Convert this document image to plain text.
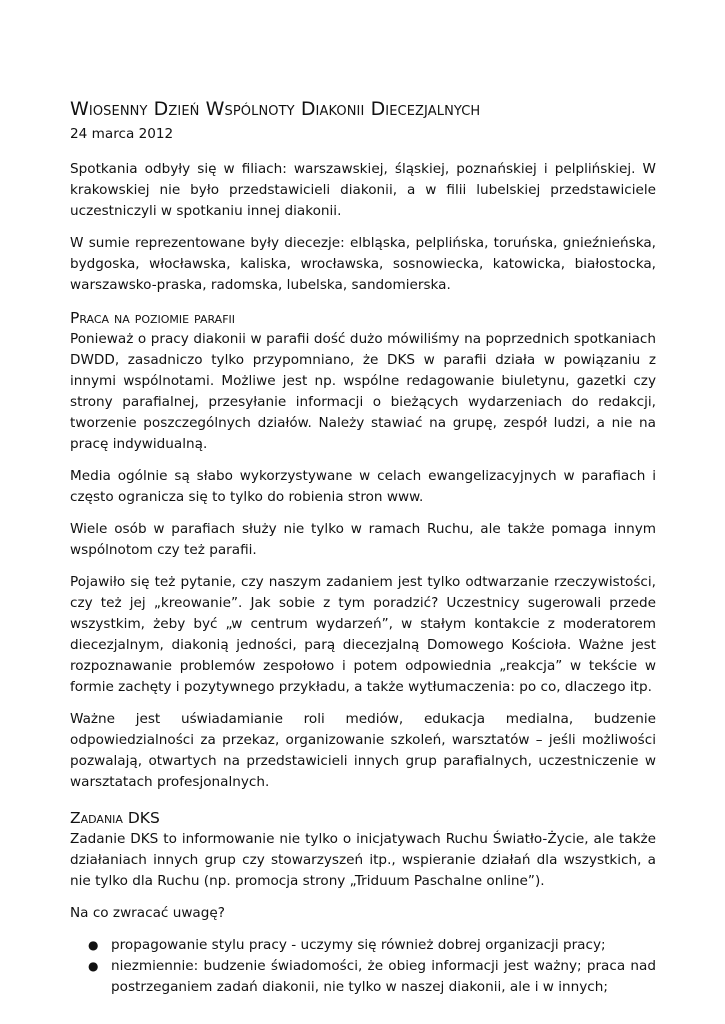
Wiosenny Dzień Wspólnoty Diakonii Diecezjalnych
24 marca 2012

Spotkania odbyły się w filiach: warszawskiej, śląskiej, poznańskiej i pelplińskiej. W krakowskiej nie było przedstawicieli diakonii, a w filii lubelskiej przedstawiciele uczestniczyli w spotkaniu innej diakonii.

W sumie reprezentowane były diecezje: elbląska, pelplińska, toruńska, gnieźnieńska, bydgoska, włocławska, kaliska, wrocławska, sosnowiecka, katowicka, białostocka, warszawsko-praska, radomska, lubelska, sandomierska.

Praca na poziomie parafii

Ponieważ o pracy diakonii w parafii dość dużo mówiliśmy na poprzednich spotkaniach DWDD, zasadniczo tylko przypomniano, że DKS w parafii działa w powiązaniu z innymi wspólnotami. Możliwe jest np. wspólne redagowanie biuletynu, gazetki czy strony parafialnej, przesyłanie informacji o bieżących wydarzeniach do redakcji, tworzenie poszczególnych działów. Należy stawiać na grupę, zespół ludzi, a nie na pracę indywidualną.

Media ogólnie są słabo wykorzystywane w celach ewangelizacyjnych w parafiach i często ogranicza się to tylko do robienia stron www.

Wiele osób w parafiach służy nie tylko w ramach Ruchu, ale także pomaga innym wspólnotom czy też parafii.

Pojawiło się też pytanie, czy naszym zadaniem jest tylko odtwarzanie rzeczywistości, czy też jej „kreowanie”. Jak sobie z tym poradzić? Uczestnicy sugerowali przede wszystkim, żeby być „w centrum wydarzeń”, w stałym kontakcie z moderatorem diecezjalnym, diakonią jedności, parą diecezjalną Domowego Kościoła. Ważne jest rozpoznawanie problemów zespołowo i potem odpowiednia „reakcja” w tekście w formie zachęty i pozytywnego przykładu, a także wytłumaczenia: po co, dlaczego itp.

Ważne jest uświadamianie roli mediów, edukacja medialna, budzenie odpowiedzialności za przekaz, organizowanie szkoleń, warsztatów – jeśli możliwości pozwalają, otwartych na przedstawicieli innych grup parafialnych, uczestniczenie w warsztatach profesjonalnych.

Zadania DKS

Zadanie DKS to informowanie nie tylko o inicjatywach Ruchu Światło-Życie, ale także działaniach innych grup czy stowarzyszeń itp., wspieranie działań dla wszystkich, a nie tylko dla Ruchu (np. promocja strony „Triduum Paschalne online”).

Na co zwracać uwagę?

● propagowanie stylu pracy - uczymy się również dobrej organizacji pracy;
● niezmiennie: budzenie świadomości, że obieg informacji jest ważny; praca nad postrzeganiem zadań diakonii, nie tylko w naszej diakonii, ale i w innych;
